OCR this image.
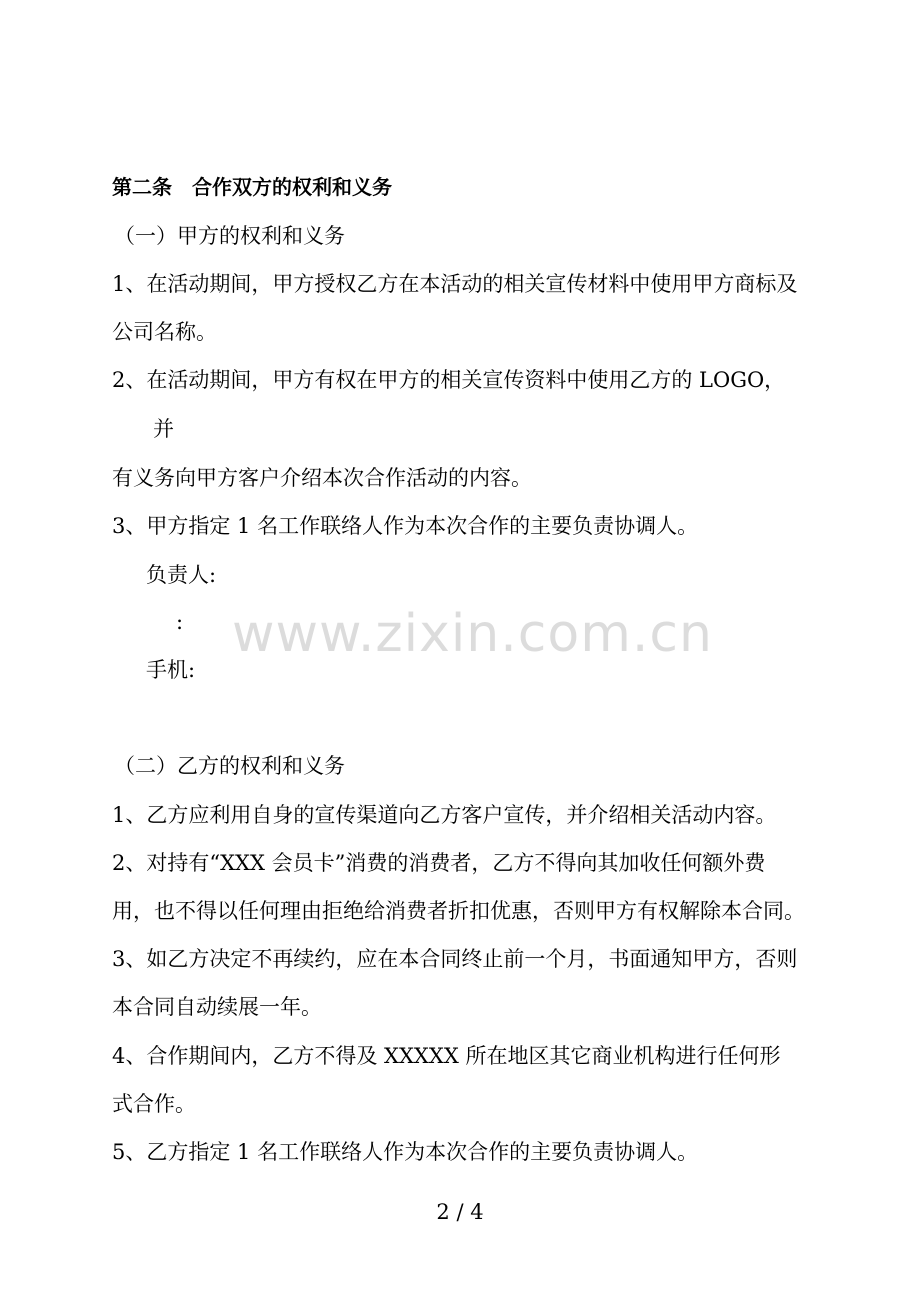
第二条　合作双方的权利和义务
（一）甲方的权利和义务
1、在活动期间，甲方授权乙方在本活动的相关宣传材料中使用甲方商标及
公司名称。
2、在活动期间，甲方有权在甲方的相关宣传资料中使用乙方的 LOGO，
并
有义务向甲方客户介绍本次合作活动的内容。
3、甲方指定 1 名工作联络人作为本次合作的主要负责协调人。
负责人:
:
手机:
www.zixin.com.cn
（二）乙方的权利和义务
1、乙方应利用自身的宣传渠道向乙方客户宣传，并介绍相关活动内容。
2、对持有“XXX 会员卡”消费的消费者，乙方不得向其加收任何额外费
用，也不得以任何理由拒绝给消费者折扣优惠，否则甲方有权解除本合同。
3、如乙方决定不再续约，应在本合同终止前一个月，书面通知甲方，否则
本合同自动续展一年。
4、合作期间内，乙方不得及 XXXXX 所在地区其它商业机构进行任何形
式合作。
5、乙方指定 1 名工作联络人作为本次合作的主要负责协调人。
2 / 4
